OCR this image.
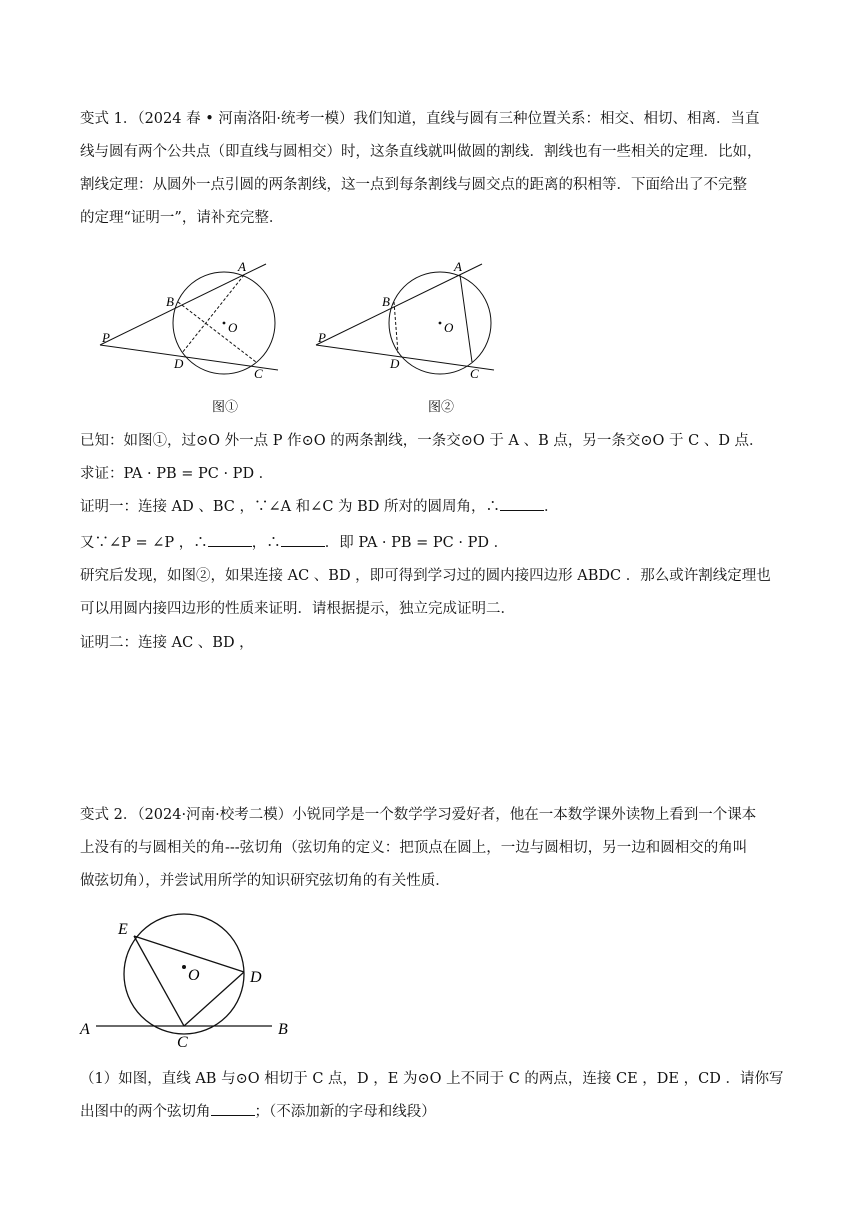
变式 1．（2024 春 • 河南洛阳·统考一模）我们知道，直线与圆有三种位置关系：相交、相切、相离．当直
线与圆有两个公共点（即直线与圆相交）时，这条直线就叫做圆的割线．割线也有一些相关的定理．比如，
割线定理：从圆外一点引圆的两条割线，这一点到每条割线与圆交点的距离的积相等．下面给出了不完整
的定理“证明一”，请补充完整．
A
B
O
P
D
C
图①
A
B
O
P
D
C
图②
已知：如图①，过⊙O 外一点 P 作⊙O 的两条割线，一条交⊙O 于 A 、B 点，另一条交⊙O 于 C 、D 点．
求证：PA · PB = PC · PD ．
证明一：连接 AD 、BC ，∵∠A 和∠C 为 BD 所对的圆周角，∴	．
又∵∠P = ∠P ，∴	，∴	．即 PA · PB = PC · PD ．
研究后发现，如图②，如果连接 AC 、BD ，即可得到学习过的圆内接四边形 ABDC ．那么或许割线定理也
可以用圆内接四边形的性质来证明．请根据提示，独立完成证明二．
证明二：连接 AC 、BD ，
变式 2．（2024·河南·校考二模）小锐同学是一个数学学习爱好者，他在一本数学课外读物上看到一个课本
上没有的与圆相关的角---弦切角（弦切角的定义：把顶点在圆上，一边与圆相切，另一边和圆相交的角叫
做弦切角），并尝试用所学的知识研究弦切角的有关性质．
E
O	D
A	B
C
（1）如图，直线 AB 与⊙O 相切于 C 点，D ，E 为⊙O 上不同于 C 的两点，连接 CE ，DE ，CD ．请你写
出图中的两个弦切角	；（不添加新的字母和线段）
